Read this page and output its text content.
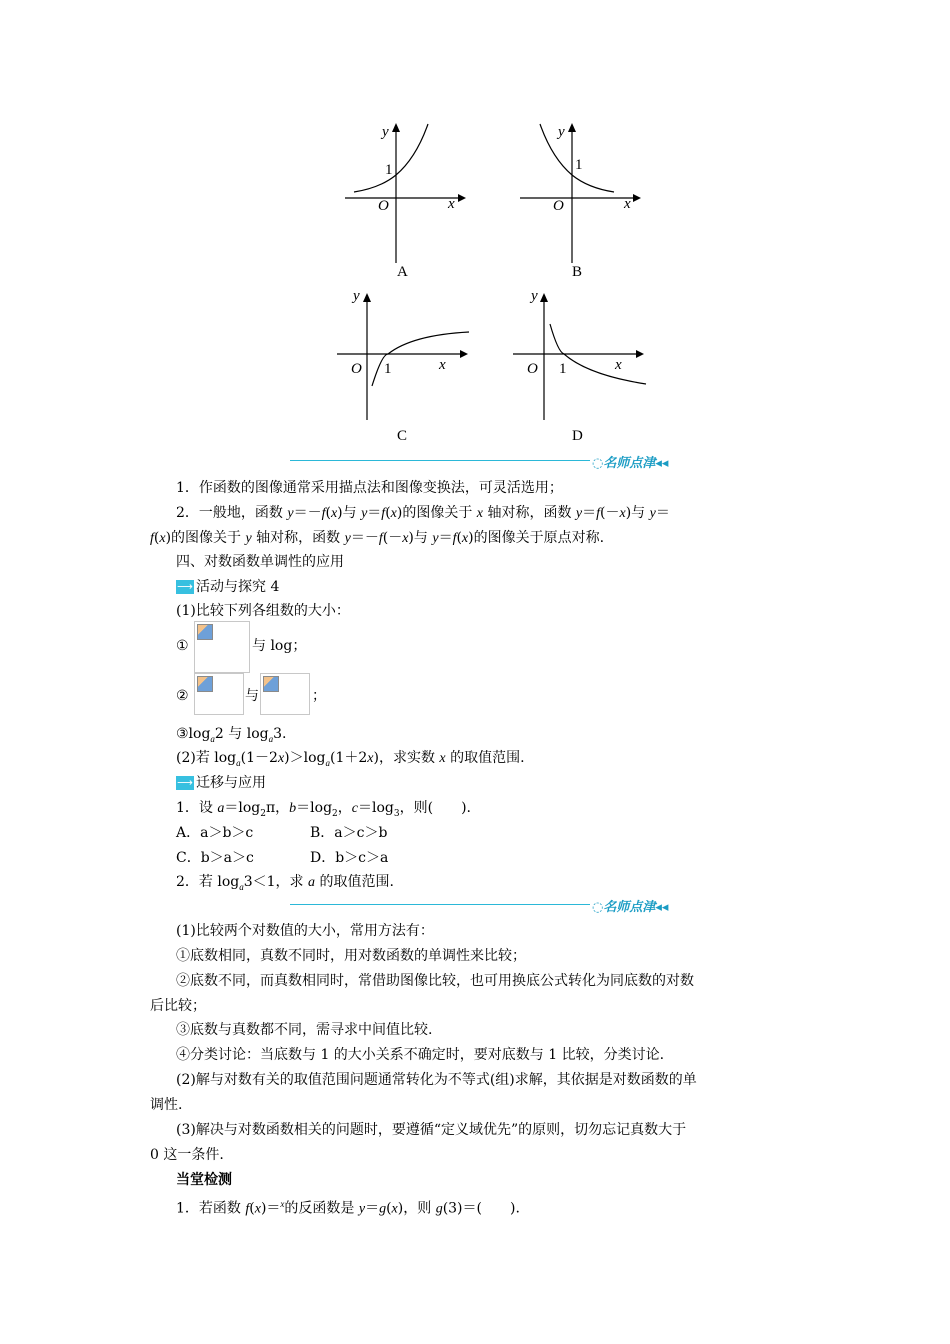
y
1
O	x
A
y
1
O	x
B
y
O 1	x
C
y
O 1	x
D
◌名师点津◂◂
1．作函数的图像通常采用描点法和图像变换法，可灵活选用；
2．一般地，函数 y＝－f(x)与 y＝f(x)的图像关于 x 轴对称，函数 y＝f(－x)与 y＝
f(x)的图像关于 y 轴对称，函数 y＝－f(－x)与 y＝f(x)的图像关于原点对称.
四、对数函数单调性的应用
⟶ 活动与探究 4
(1)比较下列各组数的大小：
①	与 log；
②	与	；
$③\log_a2$ 与 $\log_a3$.
(2)若 $\log_a(1-2x)>\log_a(1+2x)$，求实数 x 的取值范围.
⟶ 迁移与应用
1．设 $a=\log_2\pi$，$b=\log_2$，$c=\log_3$，则(　　).
A．a＞b＞c	B．a＞c＞b
C．b＞a＞c	D．b＞c＞a
2．若 $\log_a3<1$，求 a 的取值范围.
◌名师点津◂◂
(1)比较两个对数值的大小，常用方法有：
①底数相同，真数不同时，用对数函数的单调性来比较；
②底数不同，而真数相同时，常借助图像比较，也可用换底公式转化为同底数的对数
后比较；
③底数与真数都不同，需寻求中间值比较.
④分类讨论：当底数与 1 的大小关系不确定时，要对底数与 1 比较，分类讨论.
(2)解与对数有关的取值范围问题通常转化为不等式(组)求解，其依据是对数函数的单
调性.
(3)解决与对数函数相关的问题时，要遵循“定义域优先”的原则，切勿忘记真数大于
0 这一条件.
当堂检测
1．若函数 f(x)＝$^x$的反函数是 y＝g(x)，则 g(3)＝(　　).
